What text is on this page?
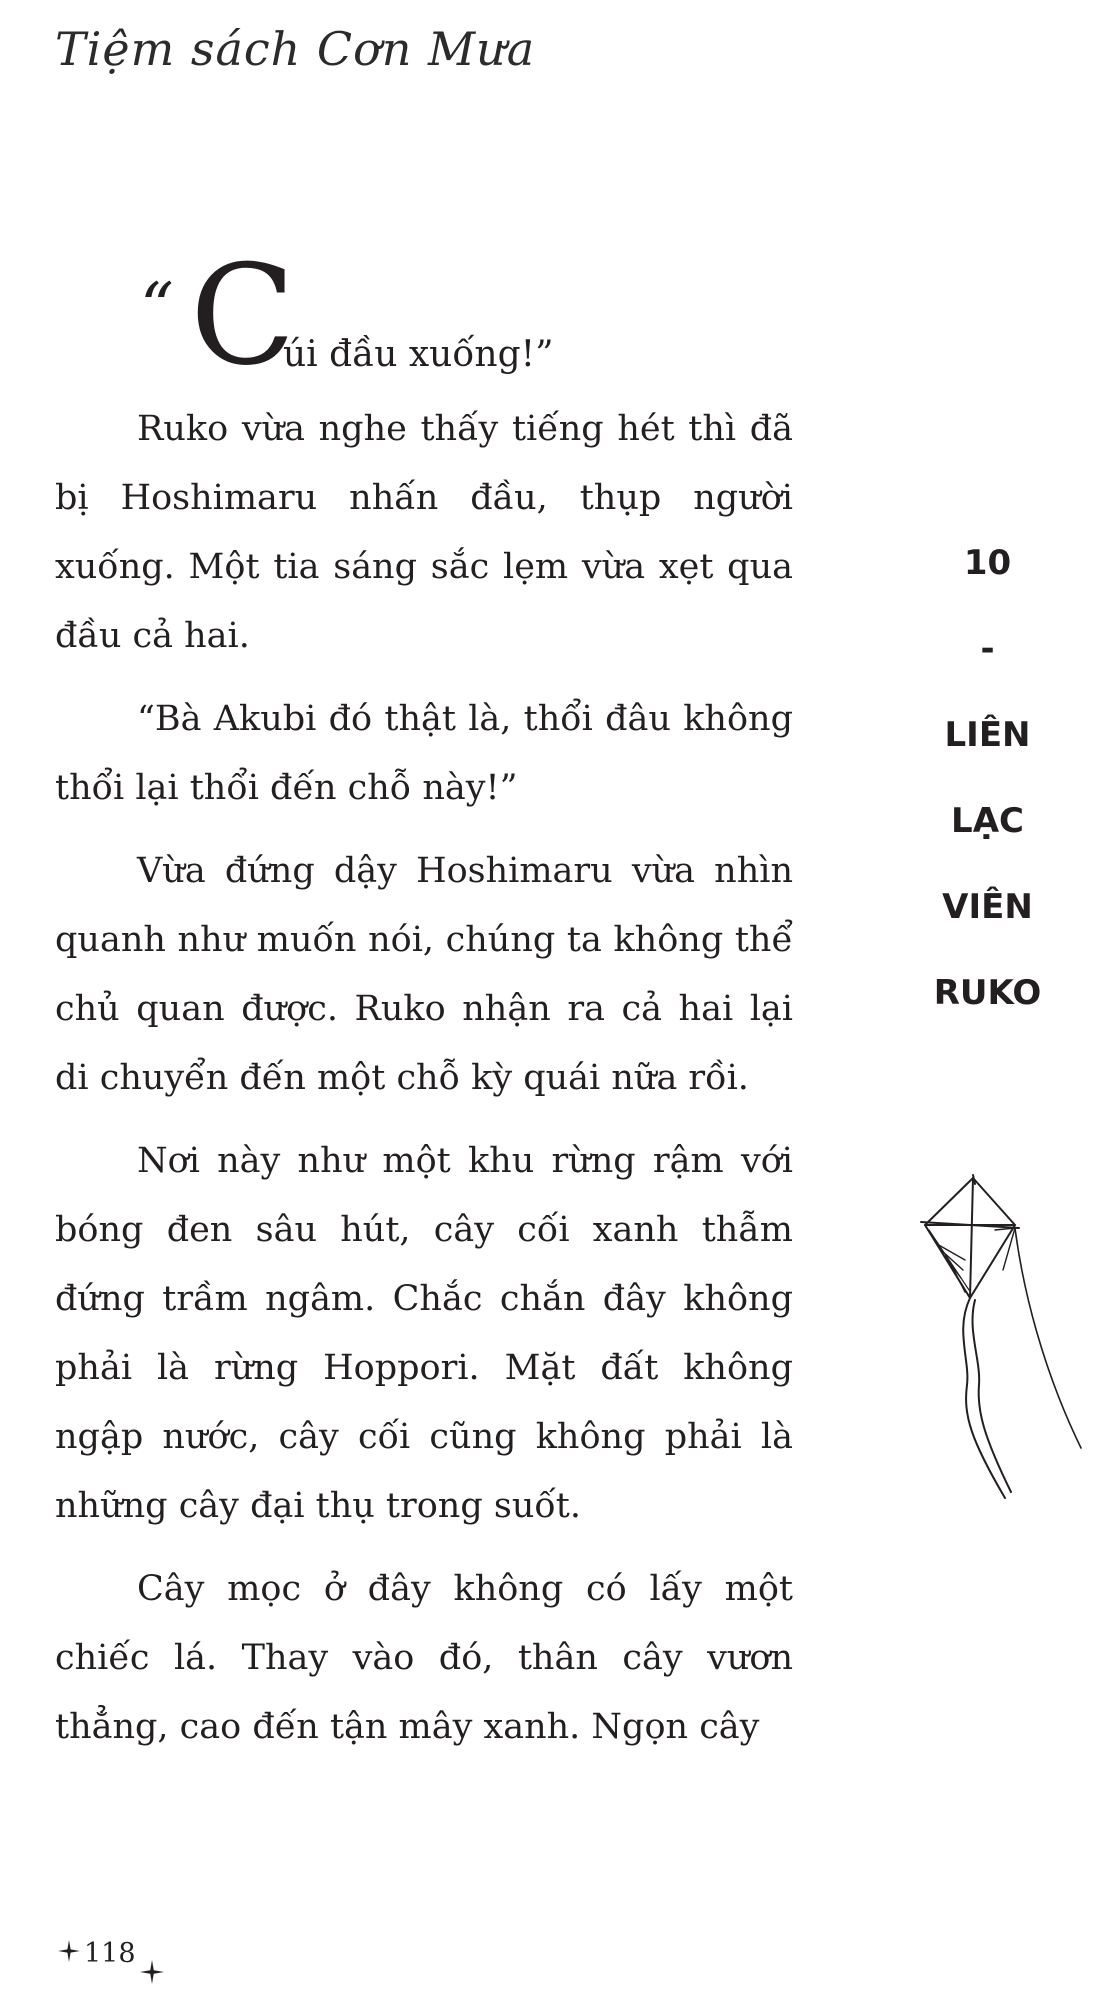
Tiệm sách Cơn Mưa
“ C
úi đầu xuống!”

Ruko vừa nghe thấy tiếng hét thì đã bị Hoshimaru nhấn đầu, thụp người xuống. Một tia sáng sắc lẹm vừa xẹt qua đầu cả hai.

“Bà Akubi đó thật là, thổi đâu không thổi lại thổi đến chỗ này!”

Vừa đứng dậy Hoshimaru vừa nhìn quanh như muốn nói, chúng ta không thể chủ quan được. Ruko nhận ra cả hai lại di chuyển đến một chỗ kỳ quái nữa rồi.

Nơi này như một khu rừng rậm với bóng đen sâu hút, cây cối xanh thẫm đứng trầm ngâm. Chắc chắn đây không phải là rừng Hoppori. Mặt đất không ngập nước, cây cối cũng không phải là những cây đại thụ trong suốt.

Cây mọc ở đây không có lấy một chiếc lá. Thay vào đó, thân cây vươn thẳng, cao đến tận mây xanh. Ngọn cây

10
-
LIÊN
LẠC
VIÊN
RUKO
118
